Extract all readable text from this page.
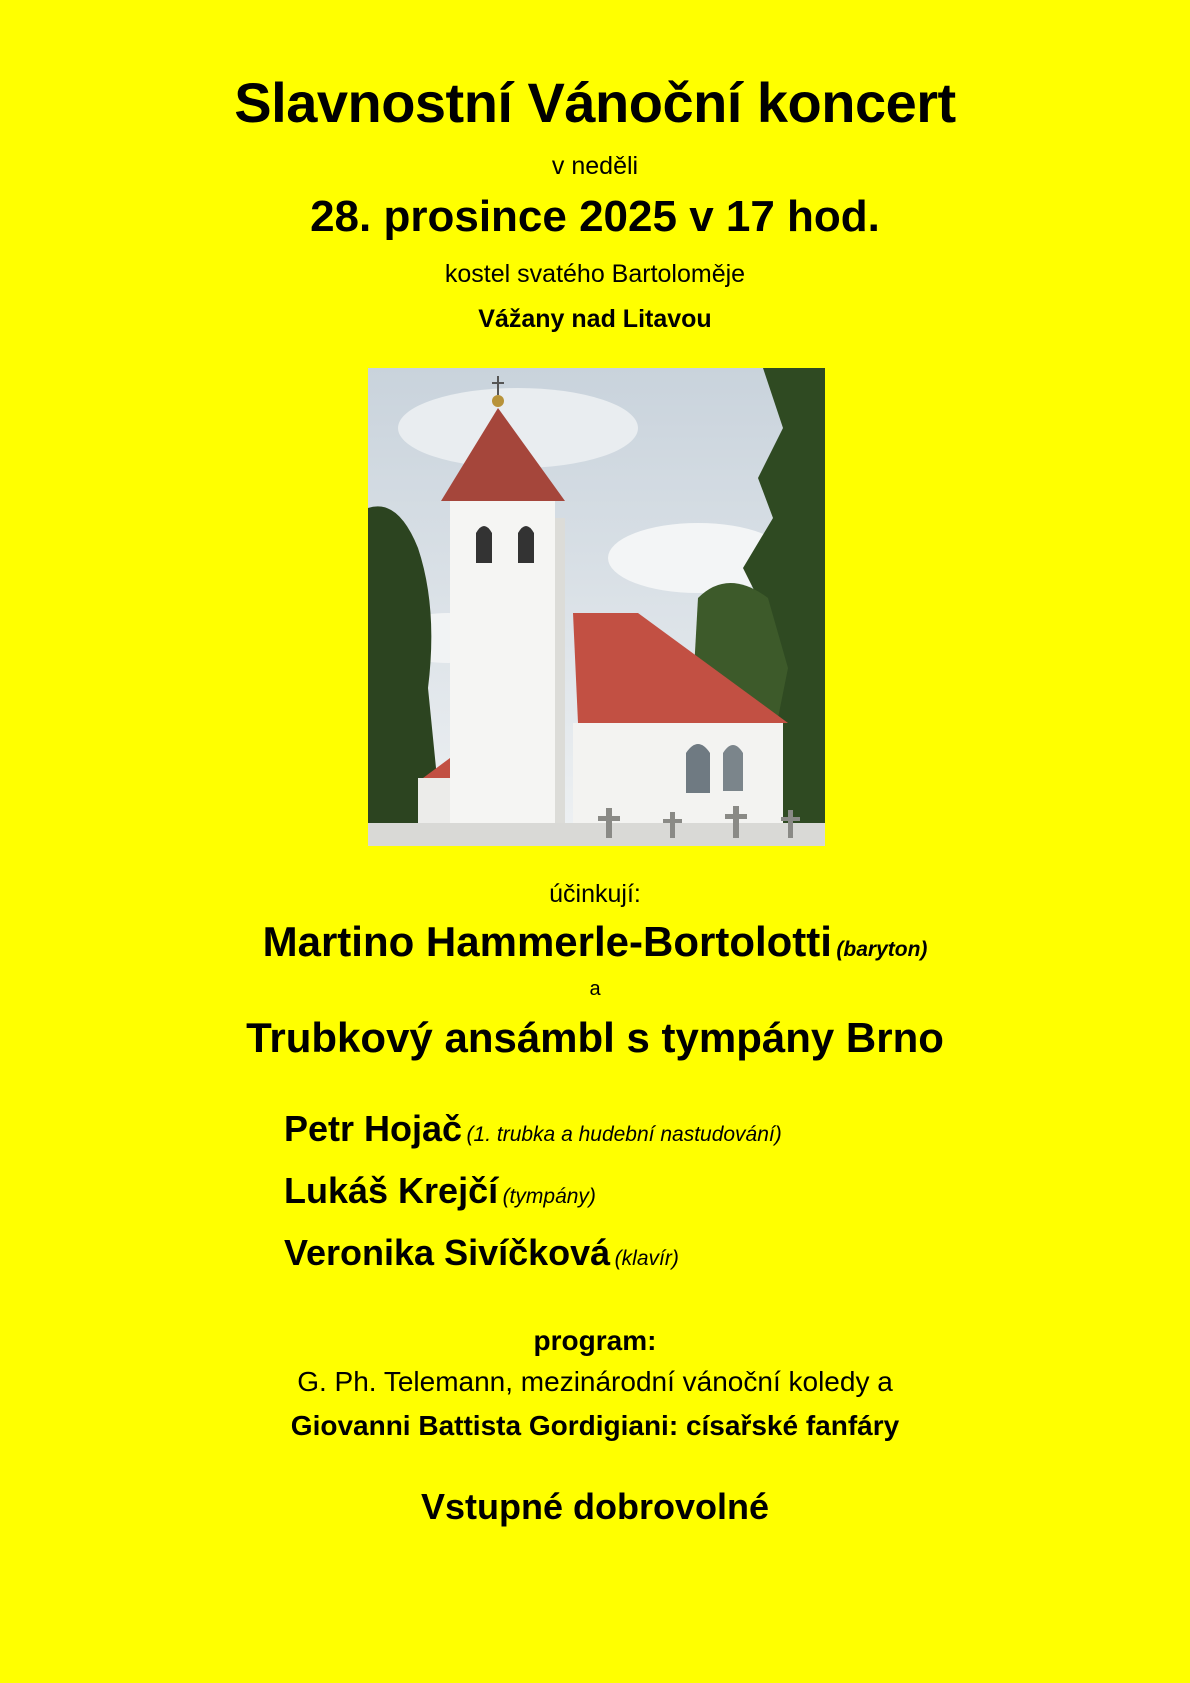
Slavnostní Vánoční koncert
v neděli
28. prosince 2025 v 17 hod.
kostel svatého Bartoloměje
Vážany nad Litavou
účinkují:
Martino Hammerle-Bortolotti (baryton)
a
Trubkový ansámbl s tympány Brno
Petr Hojač (1. trubka a hudební nastudování)
Lukáš Krejčí (tympány)
Veronika Sivíčková (klavír)
program:
G. Ph. Telemann, mezinárodní vánoční koledy a
Giovanni Battista Gordigiani: císařské fanfáry
Vstupné dobrovolné
